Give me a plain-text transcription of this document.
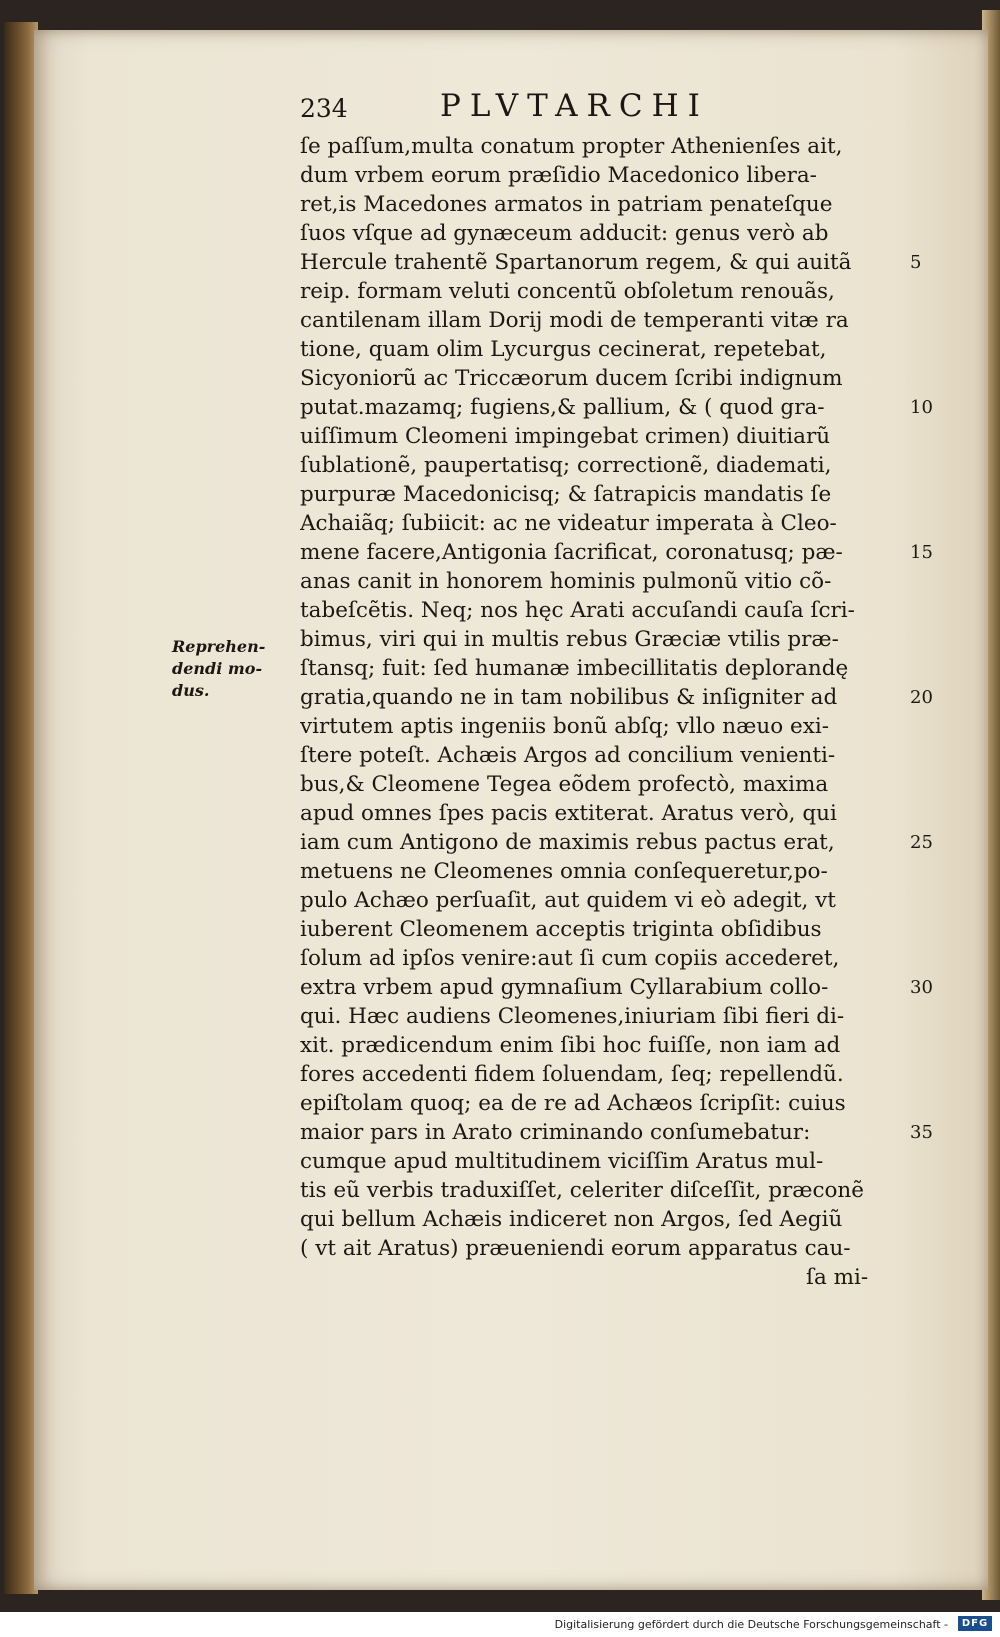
234	PLVTARCHI
ſe paſſum,multa conatum propter Athenienſes ait,
dum vrbem eorum præſidio Macedonico libera-
ret,is Macedones armatos in patriam penateſque
ſuos vſque ad gynæceum adducit: genus verò ab
Hercule trahentẽ Spartanorum regem, & qui auitã
reip. formam veluti concentũ obſoletum renouãs,
cantilenam illam Dorij modi de temperanti vitæ ra
tione, quam olim Lycurgus cecinerat, repetebat,
Sicyoniorũ ac Triccæorum ducem ſcribi indignum
putat.mazamq; fugiens,& pallium, & ( quod gra-
uiſſimum Cleomeni impingebat crimen) diuitiarũ
ſublationẽ, paupertatisq; correctionẽ, diademati,
purpuræ Macedonicisq; & ſatrapicis mandatis ſe
Achaiãq; ſubiicit: ac ne videatur imperata à Cleo-
mene facere,Antigonia ſacrificat, coronatusq; pæ-
anas canit in honorem hominis pulmonũ vitio cõ-
tabeſcẽtis. Neq; nos hęc Arati accuſandi cauſa ſcri-
bimus, viri qui in multis rebus Græciæ vtilis præ-
ſtansq; fuit: ſed humanæ imbecillitatis deplorandę
gratia,quando ne in tam nobilibus & inſigniter ad
virtutem aptis ingeniis bonũ abſq; vllo næuo exi-
ſtere poteſt. Achæis Argos ad concilium venienti-
bus,& Cleomene Tegea eõdem profectò, maxima
apud omnes ſpes pacis extiterat. Aratus verò, qui
iam cum Antigono de maximis rebus pactus erat,
metuens ne Cleomenes omnia conſequeretur,po-
pulo Achæo perſuaſit, aut quidem vi eò adegit, vt
iuberent Cleomenem acceptis triginta obſidibus
ſolum ad ipſos venire:aut ſi cum copiis accederet,
extra vrbem apud gymnaſium Cyllarabium collo-
qui. Hæc audiens Cleomenes,iniuriam ſibi fieri di-
xit. prædicendum enim ſibi hoc fuiſſe, non iam ad
fores accedenti fidem ſoluendam, ſeq; repellendũ.
epiſtolam quoq; ea de re ad Achæos ſcripſit: cuius
maior pars in Arato criminando conſumebatur:
cumque apud multitudinem viciſſim Aratus mul-
tis eũ verbis traduxiſſet, celeriter diſceſſit, præconẽ
qui bellum Achæis indiceret non Argos, ſed Aegiũ
( vt ait Aratus) præueniendi eorum apparatus cau-
ſa mi-
5
10
15
20
25
30
35
Reprehen-
dendi mo-
dus.
Digitalisierung gefördert durch die Deutsche Forschungsgemeinschaft -	DFG
